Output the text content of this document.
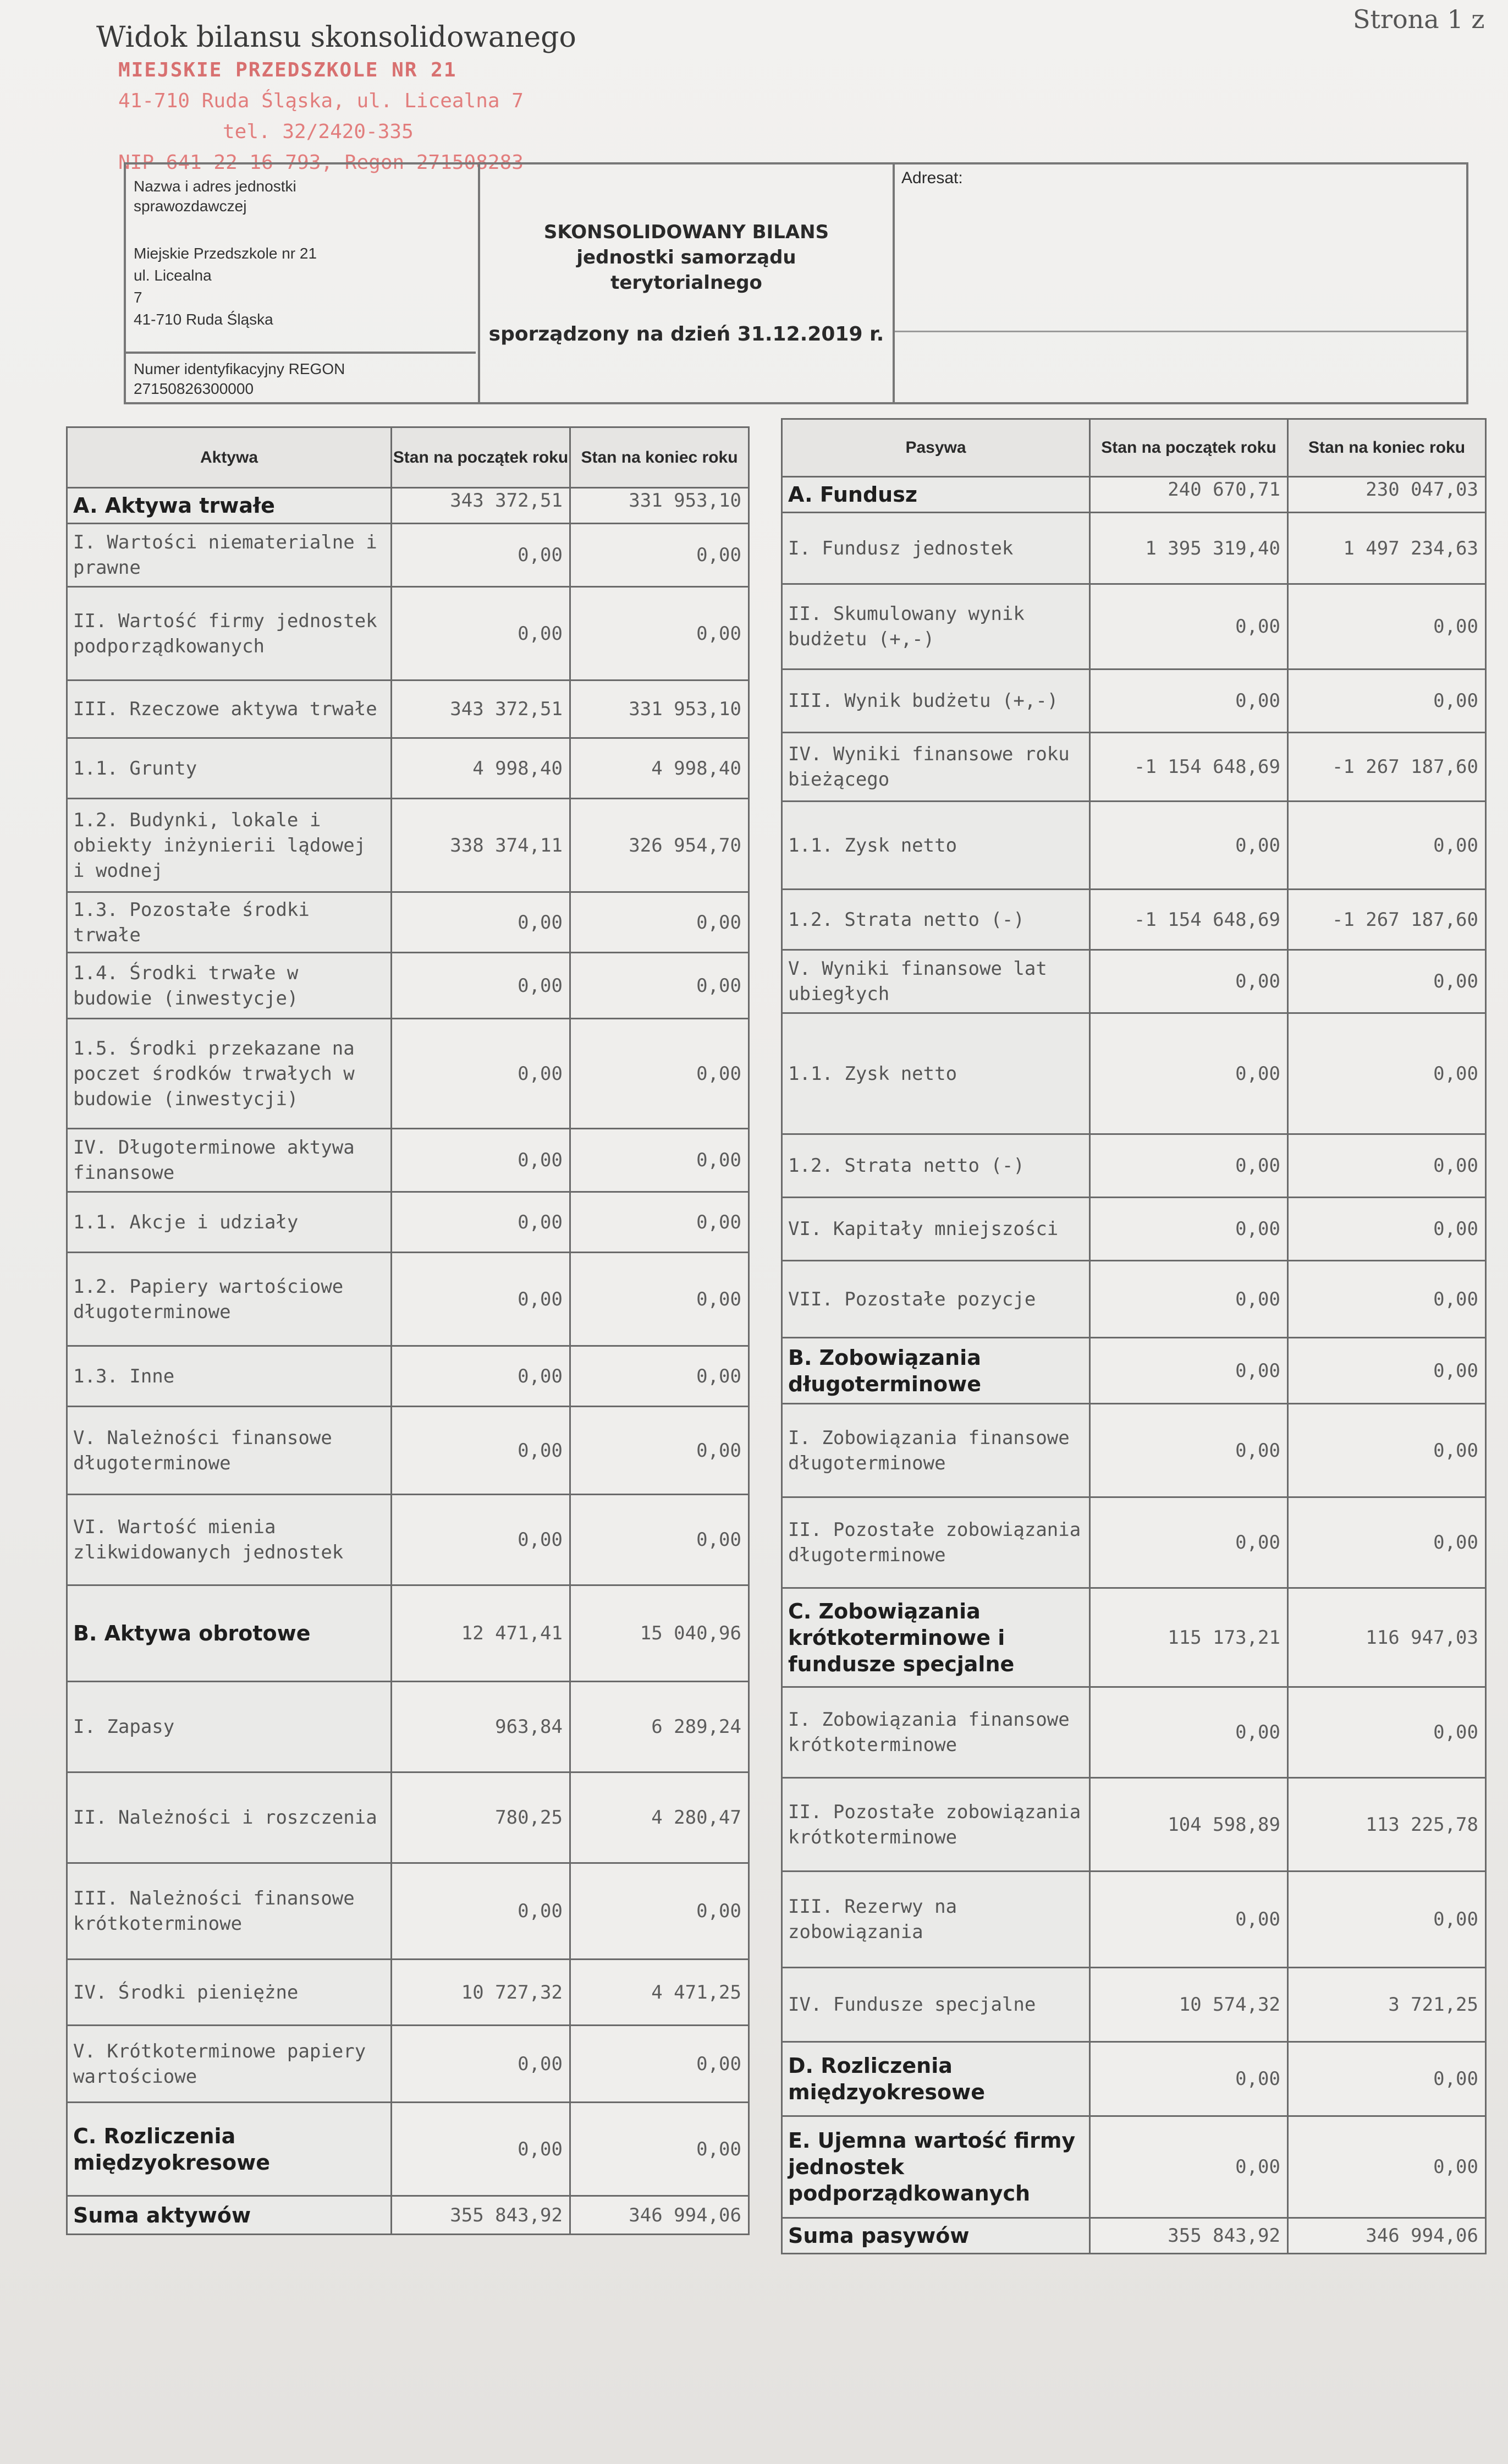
Widok bilansu skonsolidowanego
Strona 1 z
MIEJSKIE PRZEDSZKOLE NR 21
41-710 Ruda Śląska, ul. Licealna 7
tel. 32/2420-335
NIP 641-22-16-793, Regon 271508283
Nazwa i adres jednostki
sprawozdawczej
Miejskie Przedszkole nr 21
ul. Licealna
7
41-710 Ruda Śląska
Numer identyfikacyjny REGON
27150826300000
SKONSOLIDOWANY BILANS
jednostki samorządu
terytorialnego
sporządzony na dzień 31.12.2019 r.
Adresat:
Aktywa	Stan na początek roku	Stan na koniec roku
A. Aktywa trwałe	343 372,51	331 953,10
I. Wartości niematerialne i prawne	0,00	0,00
II. Wartość firmy jednostek podporządkowanych	0,00	0,00
III. Rzeczowe aktywa trwałe	343 372,51	331 953,10
1.1. Grunty	4 998,40	4 998,40
1.2. Budynki, lokale i obiekty inżynierii lądowej i wodnej	338 374,11	326 954,70
1.3. Pozostałe środki trwałe	0,00	0,00
1.4. Środki trwałe w budowie (inwestycje)	0,00	0,00
1.5. Środki przekazane na poczet środków trwałych w budowie (inwestycji)	0,00	0,00
IV. Długoterminowe aktywa finansowe	0,00	0,00
1.1. Akcje i udziały	0,00	0,00
1.2. Papiery wartościowe długoterminowe	0,00	0,00
1.3. Inne	0,00	0,00
V. Należności finansowe długoterminowe	0,00	0,00
VI. Wartość mienia zlikwidowanych jednostek	0,00	0,00
B. Aktywa obrotowe	12 471,41	15 040,96
I. Zapasy	963,84	6 289,24
II. Należności i roszczenia	780,25	4 280,47
III. Należności finansowe krótkoterminowe	0,00	0,00
IV. Środki pieniężne	10 727,32	4 471,25
V. Krótkoterminowe papiery wartościowe	0,00	0,00
C. Rozliczenia międzyokresowe	0,00	0,00
Suma aktywów	355 843,92	346 994,06
Pasywa	Stan na początek roku	Stan na koniec roku
A. Fundusz	240 670,71	230 047,03
I. Fundusz jednostek	1 395 319,40	1 497 234,63
II. Skumulowany wynik budżetu (+,-)	0,00	0,00
III. Wynik budżetu (+,-)	0,00	0,00
IV. Wyniki finansowe roku bieżącego	-1 154 648,69	-1 267 187,60
1.1. Zysk netto	0,00	0,00
1.2. Strata netto (-)	-1 154 648,69	-1 267 187,60
V. Wyniki finansowe lat ubiegłych	0,00	0,00
1.1. Zysk netto	0,00	0,00
1.2. Strata netto (-)	0,00	0,00
VI. Kapitały mniejszości	0,00	0,00
VII. Pozostałe pozycje	0,00	0,00
B. Zobowiązania długoterminowe	0,00	0,00
I. Zobowiązania finansowe długoterminowe	0,00	0,00
II. Pozostałe zobowiązania długoterminowe	0,00	0,00
C. Zobowiązania krótkoterminowe i fundusze specjalne	115 173,21	116 947,03
I. Zobowiązania finansowe krótkoterminowe	0,00	0,00
II. Pozostałe zobowiązania krótkoterminowe	104 598,89	113 225,78
III. Rezerwy na zobowiązania	0,00	0,00
IV. Fundusze specjalne	10 574,32	3 721,25
D. Rozliczenia międzyokresowe	0,00	0,00
E. Ujemna wartość firmy jednostek podporządkowanych	0,00	0,00
Suma pasywów	355 843,92	346 994,06
